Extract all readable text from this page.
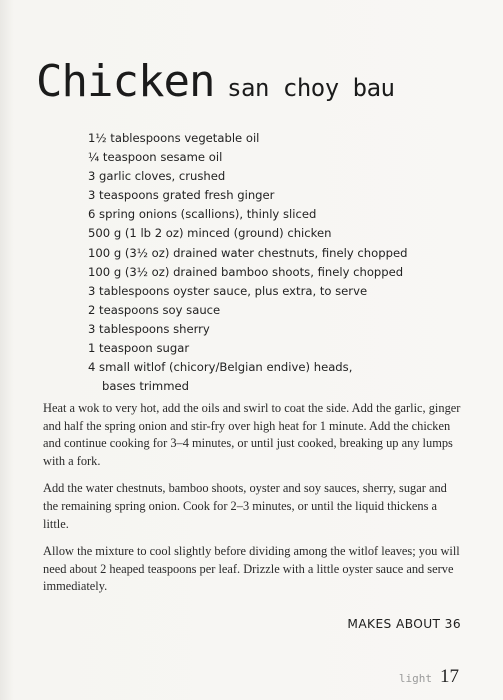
Chicken san choy bau
1½ tablespoons vegetable oil
¼ teaspoon sesame oil
3 garlic cloves, crushed
3 teaspoons grated fresh ginger
6 spring onions (scallions), thinly sliced
500 g (1 lb 2 oz) minced (ground) chicken
100 g (3½ oz) drained water chestnuts, finely chopped
100 g (3½ oz) drained bamboo shoots, finely chopped
3 tablespoons oyster sauce, plus extra, to serve
2 teaspoons soy sauce
3 tablespoons sherry
1 teaspoon sugar
4 small witlof (chicory/Belgian endive) heads,
bases trimmed

Heat a wok to very hot, add the oils and swirl to coat the side. Add the garlic, ginger and half the spring onion and stir-fry over high heat for 1 minute. Add the chicken and continue cooking for 3–4 minutes, or until just cooked, breaking up any lumps with a fork.

Add the water chestnuts, bamboo shoots, oyster and soy sauces, sherry, sugar and the remaining spring onion. Cook for 2–3 minutes, or until the liquid thickens a little.

Allow the mixture to cool slightly before dividing among the witlof leaves; you will need about 2 heaped teaspoons per leaf. Drizzle with a little oyster sauce and serve immediately.

MAKES ABOUT 36
light 17
